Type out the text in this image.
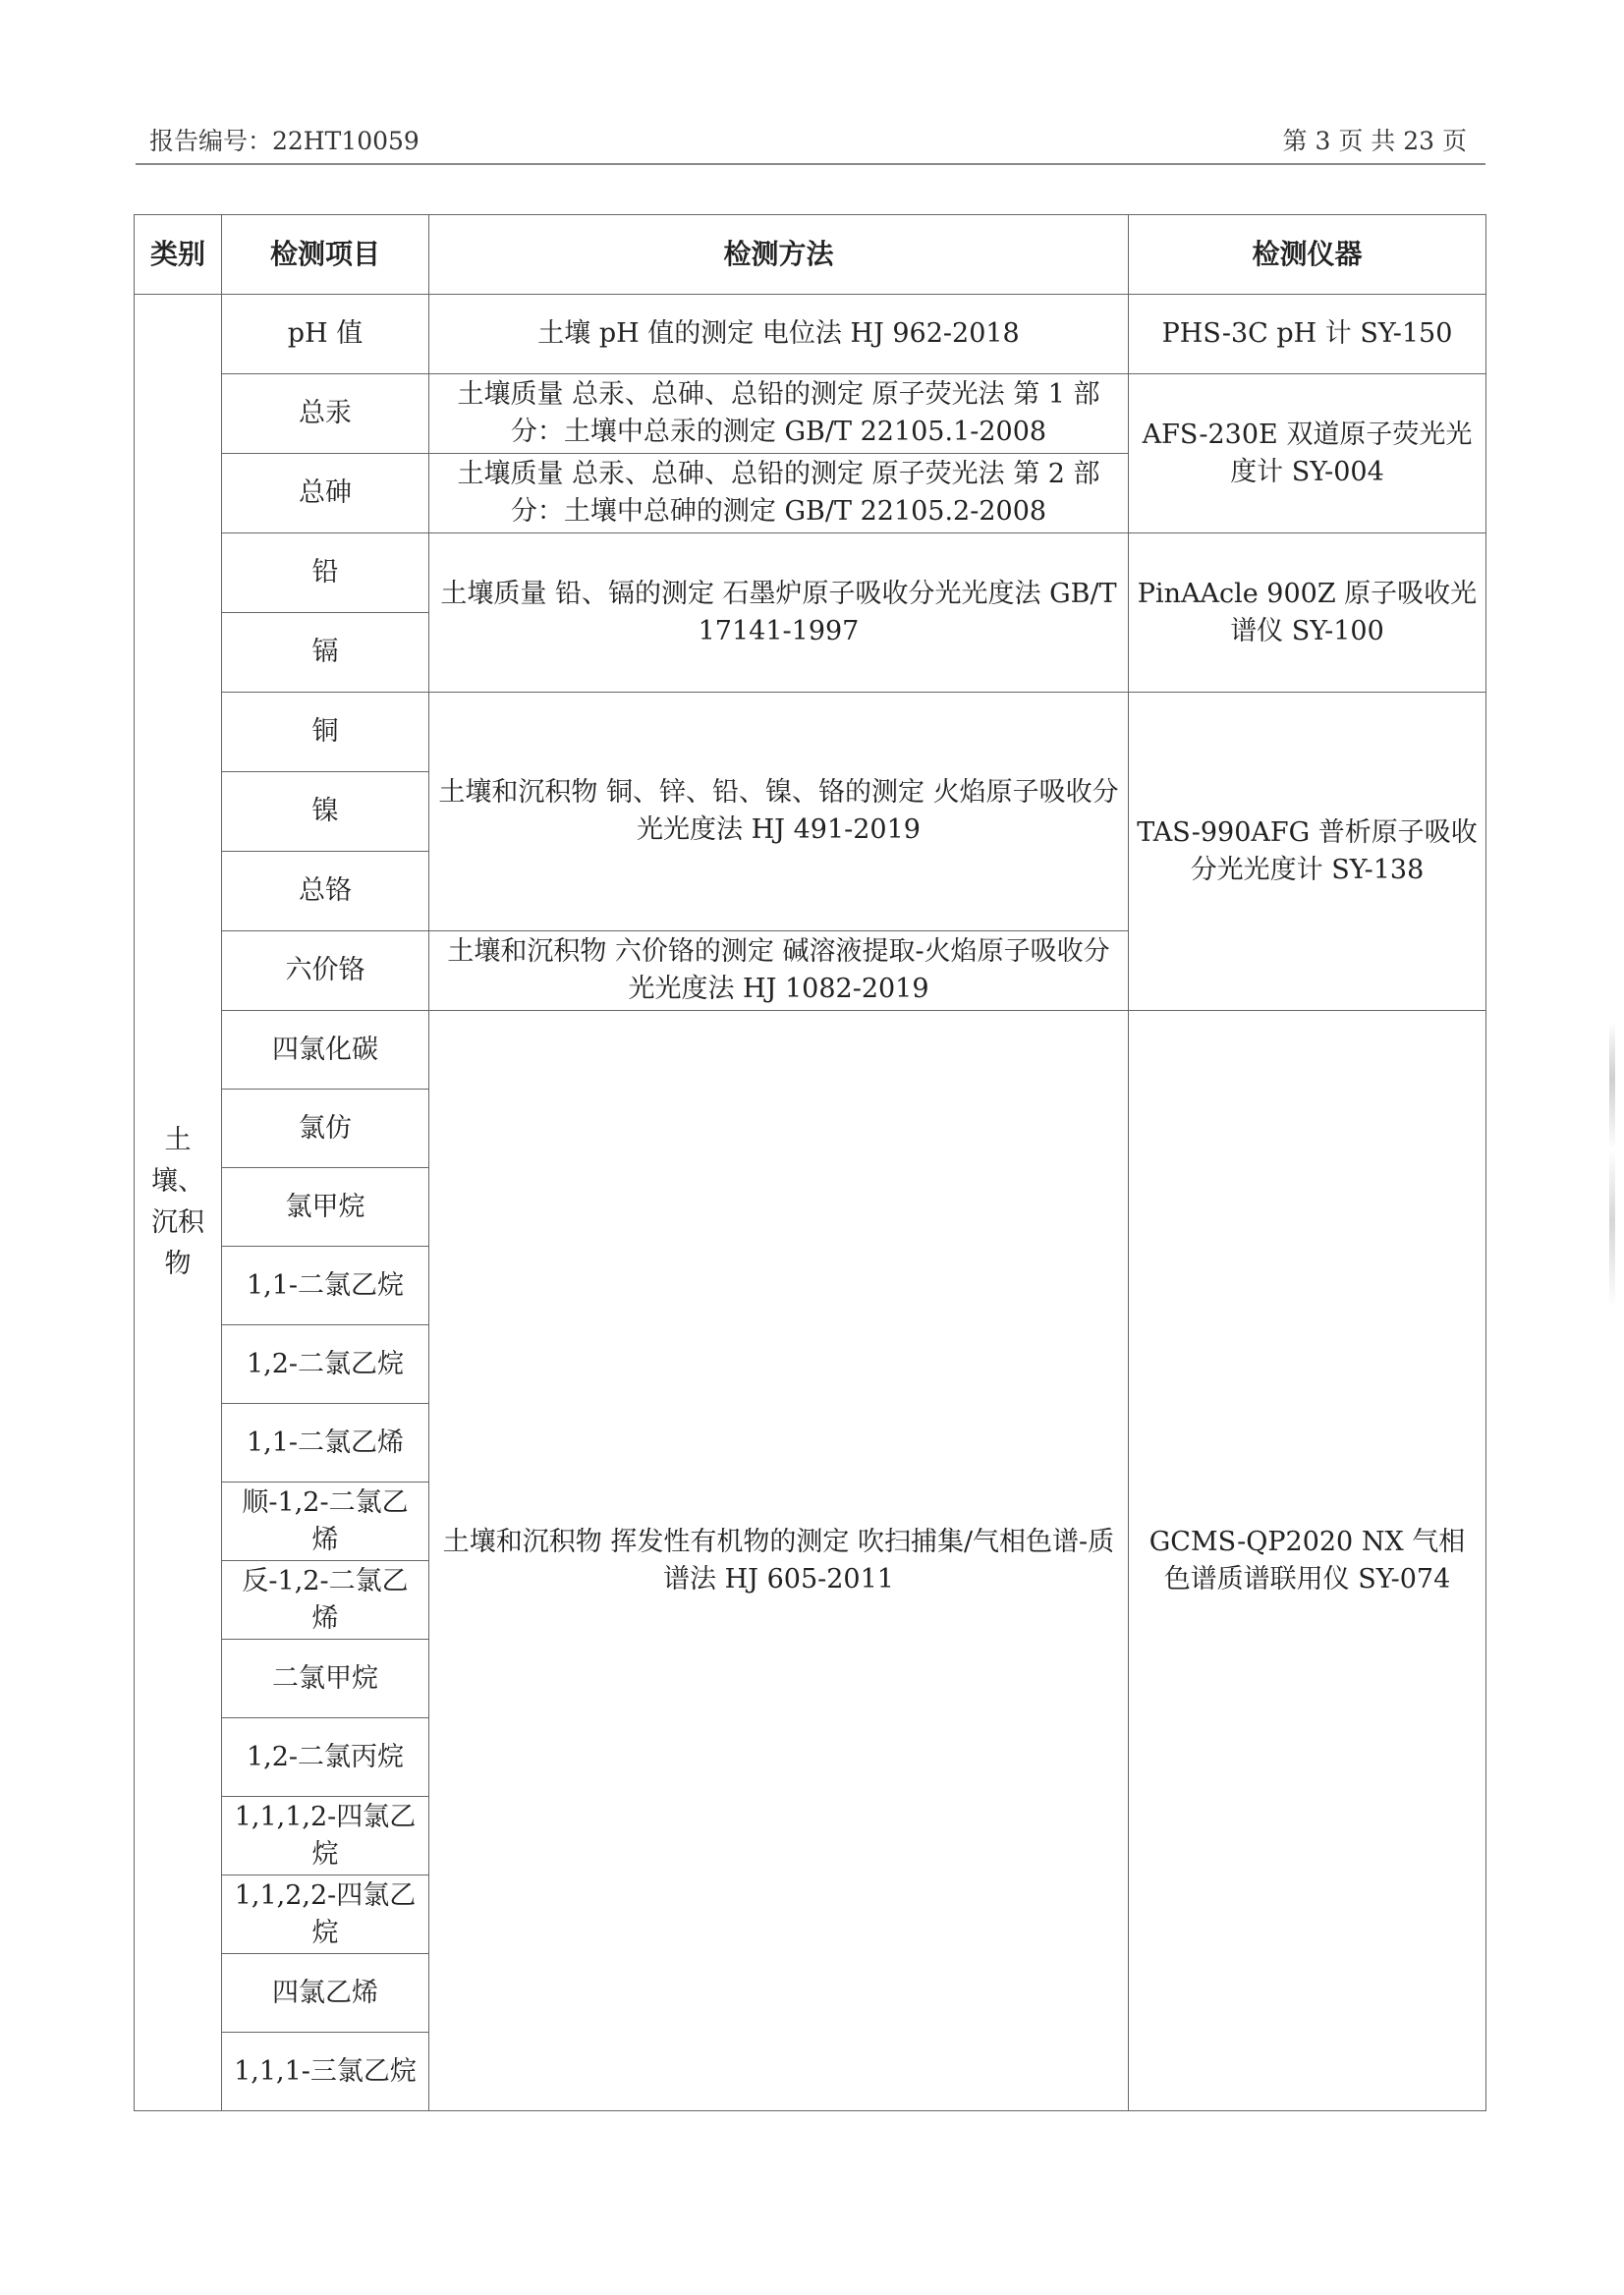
报告编号：22HT10059	第 3 页 共 23 页
类别	检测项目	检测方法	检测仪器
土壤、沉积物	pH 值	土壤 pH 值的测定 电位法 HJ 962-2018	PHS-3C pH 计 SY-150
	总汞	土壤质量 总汞、总砷、总铅的测定 原子荧光法 第 1 部分：土壤中总汞的测定 GB/T 22105.1-2008	AFS-230E 双道原子荧光光度计 SY-004
	总砷	土壤质量 总汞、总砷、总铅的测定 原子荧光法 第 2 部分：土壤中总砷的测定 GB/T 22105.2-2008	
	铅	土壤质量 铅、镉的测定 石墨炉原子吸收分光光度法 GB/T 17141-1997	PinAAcle 900Z 原子吸收光谱仪 SY-100
	镉		
	铜	土壤和沉积物 铜、锌、铅、镍、铬的测定 火焰原子吸收分光光度法 HJ 491-2019	TAS-990AFG 普析原子吸收分光光度计 SY-138
	镍		
	总铬		
	六价铬	土壤和沉积物 六价铬的测定 碱溶液提取-火焰原子吸收分光光度法 HJ 1082-2019	
	四氯化碳	土壤和沉积物 挥发性有机物的测定 吹扫捕集/气相色谱-质谱法 HJ 605-2011	GCMS-QP2020 NX 气相色谱质谱联用仪 SY-074
	氯仿		
	氯甲烷		
	1,1-二氯乙烷		
	1,2-二氯乙烷		
	1,1-二氯乙烯		
	顺-1,2-二氯乙烯		
	反-1,2-二氯乙烯		
	二氯甲烷		
	1,2-二氯丙烷		
	1,1,1,2-四氯乙烷		
	1,1,2,2-四氯乙烷		
	四氯乙烯		
	1,1,1-三氯乙烷		
